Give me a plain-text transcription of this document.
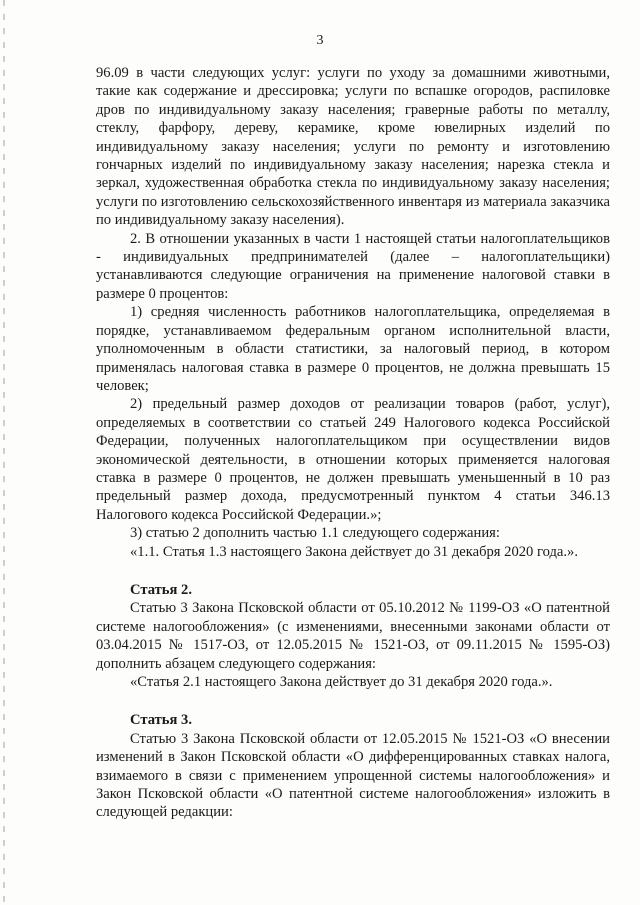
3

96.09 в части следующих услуг: услуги по уходу за домашними животными, такие как содержание и дрессировка; услуги по вспашке огородов, распиловке дров по индивидуальному заказу населения; граверные работы по металлу, стеклу, фарфору, дереву, керамике, кроме ювелирных изделий по индивидуальному заказу населения; услуги по ремонту и изготовлению гончарных изделий по индивидуальному заказу населения; нарезка стекла и зеркал, художественная обработка стекла по индивидуальному заказу населения; услуги по изготовлению сельскохозяйственного инвентаря из материала заказчика по индивидуальному заказу населения).

2. В отношении указанных в части 1 настоящей статьи налогоплательщиков - индивидуальных предпринимателей (далее – налогоплательщики) устанавливаются следующие ограничения на применение налоговой ставки в размере 0 процентов:

1) средняя численность работников налогоплательщика, определяемая в порядке, устанавливаемом федеральным органом исполнительной власти, уполномоченным в области статистики, за налоговый период, в котором применялась налоговая ставка в размере 0 процентов, не должна превышать 15 человек;

2) предельный размер доходов от реализации товаров (работ, услуг), определяемых в соответствии со статьей 249 Налогового кодекса Российской Федерации, полученных налогоплательщиком при осуществлении видов экономической деятельности, в отношении которых применяется налоговая ставка в размере 0 процентов, не должен превышать уменьшенный в 10 раз предельный размер дохода, предусмотренный пунктом 4 статьи 346.13 Налогового кодекса Российской Федерации.»;

3) статью 2 дополнить частью 1.1 следующего содержания:

«1.1. Статья 1.3 настоящего Закона действует до 31 декабря 2020 года.».

Статья 2.

Статью 3 Закона Псковской области от 05.10.2012 № 1199-ОЗ «О патентной системе налогообложения» (с изменениями, внесенными законами области от 03.04.2015 № 1517-ОЗ, от 12.05.2015 № 1521-ОЗ, от 09.11.2015 № 1595-ОЗ) дополнить абзацем следующего содержания:

«Статья 2.1 настоящего Закона действует до 31 декабря 2020 года.».

Статья 3.

Статью 3 Закона Псковской области от 12.05.2015 № 1521-ОЗ «О внесении изменений в Закон Псковской области «О дифференцированных ставках налога, взимаемого в связи с применением упрощенной системы налогообложения» и Закон Псковской области «О патентной системе налогообложения» изложить в следующей редакции:
